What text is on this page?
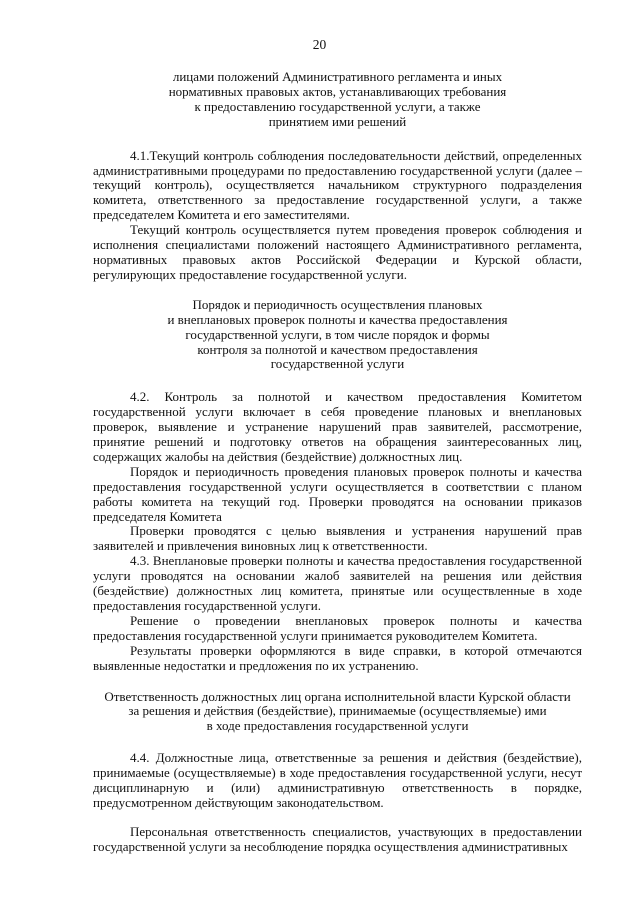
20
лицами положений Административного регламента и иных
нормативных правовых актов, устанавливающих требования
к предоставлению государственной услуги, а также
принятием ими решений

4.1.Текущий контроль соблюдения последовательности действий, определенных административными процедурами по предоставлению государственной услуги (далее – текущий контроль), осуществляется начальником структурного подразделения комитета, ответственного за предоставление государственной услуги, а также председателем Комитета и его заместителями.

Текущий контроль осуществляется путем проведения проверок соблюдения и исполнения специалистами положений настоящего Административного регламента, нормативных правовых актов Российской Федерации и Курской области, регулирующих предоставление государственной услуги.

Порядок и периодичность осуществления плановых
и внеплановых проверок полноты и качества предоставления
государственной услуги, в том числе порядок и формы
контроля за полнотой и качеством предоставления
государственной услуги

4.2. Контроль за полнотой и качеством предоставления Комитетом государственной услуги включает в себя проведение плановых и внеплановых проверок, выявление и устранение нарушений прав заявителей, рассмотрение, принятие решений и подготовку ответов на обращения заинтересованных лиц, содержащих жалобы на действия (бездействие) должностных лиц.

Порядок и периодичность проведения плановых проверок полноты и качества предоставления государственной услуги осуществляется в соответствии с планом работы комитета на текущий год. Проверки проводятся на основании приказов председателя Комитета

Проверки проводятся с целью выявления и устранения нарушений прав заявителей и привлечения виновных лиц к ответственности.

4.3. Внеплановые проверки полноты и качества предоставления государственной услуги проводятся на основании жалоб заявителей на решения или действия (бездействие) должностных лиц комитета, принятые или осуществленные в ходе предоставления государственной услуги.

Решение о проведении внеплановых проверок полноты и качества предоставления государственной услуги принимается руководителем Комитета.

Результаты проверки оформляются в виде справки, в которой отмечаются выявленные недостатки и предложения по их устранению.

Ответственность должностных лиц органа исполнительной власти Курской области
за решения и действия (бездействие), принимаемые (осуществляемые) ими
в ходе предоставления государственной услуги

4.4. Должностные лица, ответственные за решения и действия (бездействие), принимаемые (осуществляемые) в ходе предоставления государственной услуги, несут дисциплинарную и (или) административную ответственность в порядке, предусмотренном действующим законодательством.

Персональная ответственность специалистов, участвующих в предоставлении государственной услуги за несоблюдение порядка осуществления административных
